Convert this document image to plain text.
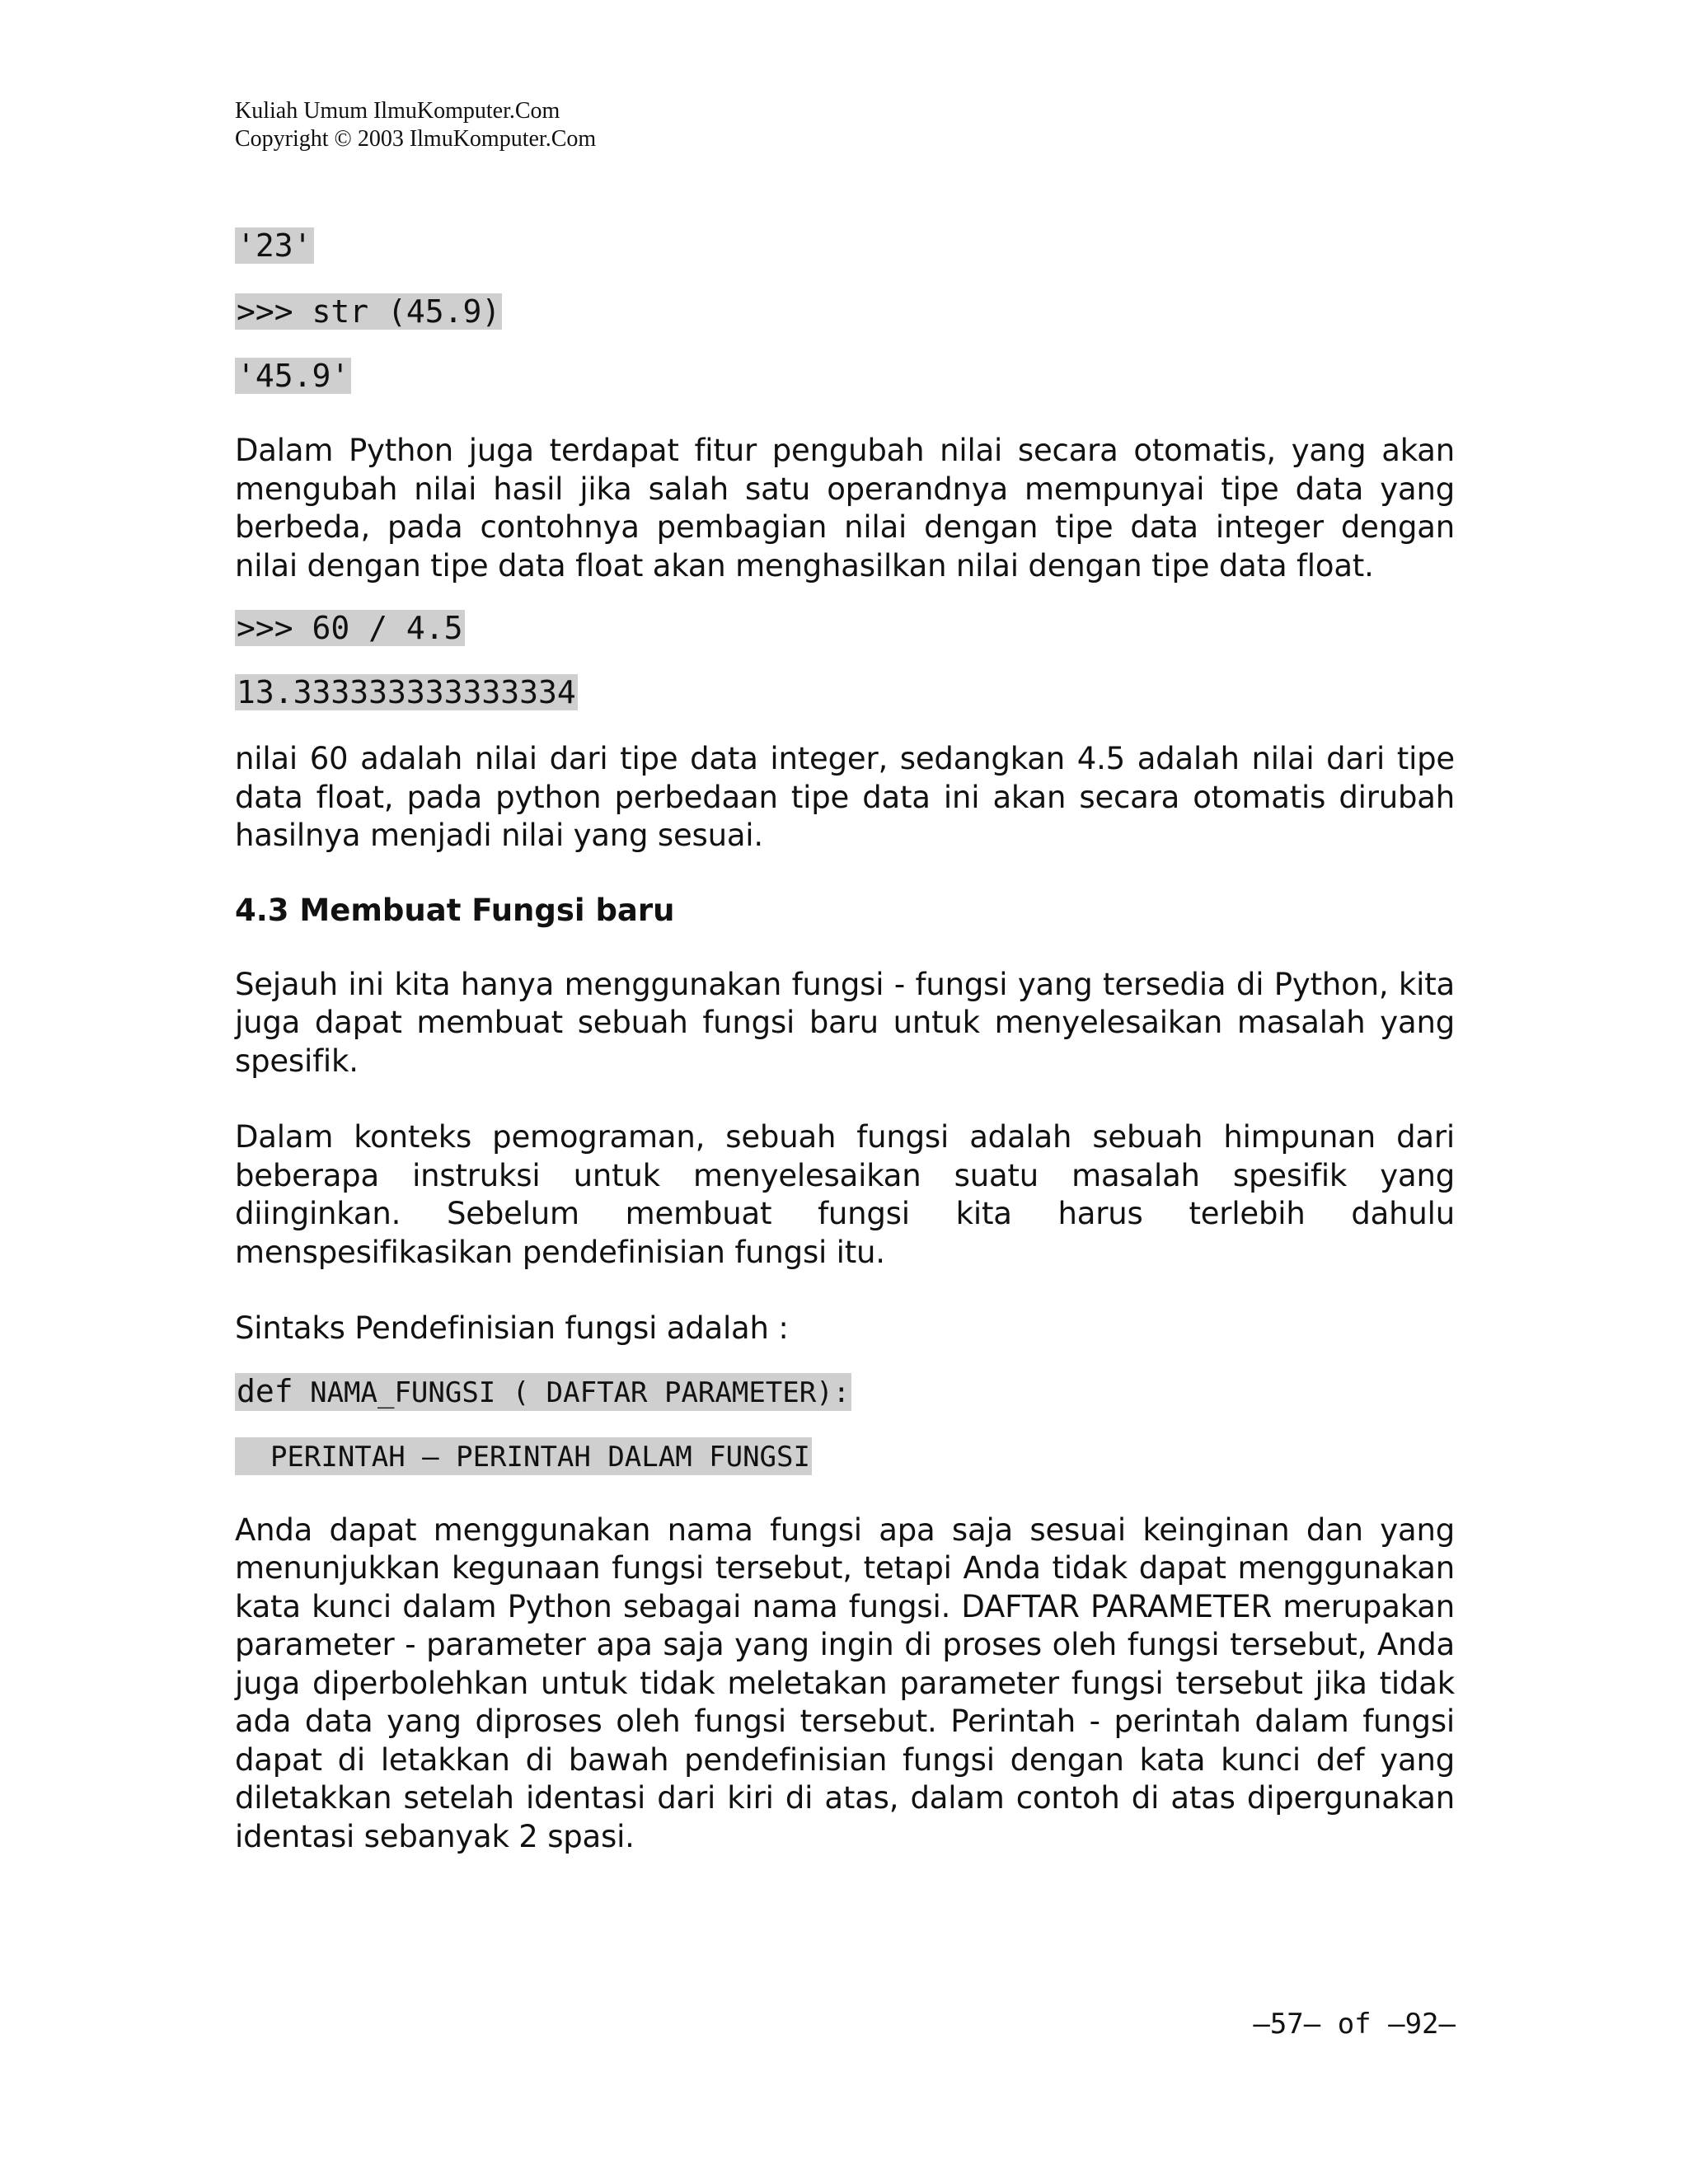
Kuliah Umum IlmuKomputer.Com
Copyright © 2003 IlmuKomputer.Com
'23'
>>> str (45.9)
'45.9'

Dalam Python juga terdapat fitur pengubah nilai secara otomatis, yang akan mengubah nilai hasil jika salah satu operandnya mempunyai tipe data yang berbeda, pada contohnya pembagian nilai dengan tipe data integer dengan nilai dengan tipe data float akan menghasilkan nilai dengan tipe data float.

>>> 60 / 4.5
13.333333333333334

nilai 60 adalah nilai dari tipe data integer, sedangkan 4.5 adalah nilai dari tipe data float, pada python perbedaan tipe data ini akan secara otomatis dirubah hasilnya menjadi nilai yang sesuai.

4.3 Membuat Fungsi baru

Sejauh ini kita hanya menggunakan fungsi - fungsi yang tersedia di Python, kita juga dapat membuat sebuah fungsi baru untuk menyelesaikan masalah yang spesifik.

Dalam konteks pemograman, sebuah fungsi adalah sebuah himpunan dari beberapa instruksi untuk menyelesaikan suatu masalah spesifik yang diinginkan. Sebelum membuat fungsi kita harus terlebih dahulu menspesifikasikan pendefinisian fungsi itu.

Sintaks Pendefinisian fungsi adalah :

def NAMA_FUNGSI ( DAFTAR PARAMETER):
PERINTAH – PERINTAH DALAM FUNGSI

Anda dapat menggunakan nama fungsi apa saja sesuai keinginan dan yang menunjukkan kegunaan fungsi tersebut, tetapi Anda tidak dapat menggunakan kata kunci dalam Python sebagai nama fungsi. DAFTAR PARAMETER merupakan parameter - parameter apa saja yang ingin di proses oleh fungsi tersebut, Anda juga diperbolehkan untuk tidak meletakan parameter fungsi tersebut jika tidak ada data yang diproses oleh fungsi tersebut. Perintah - perintah dalam fungsi dapat di letakkan di bawah pendefinisian fungsi dengan kata kunci def yang diletakkan setelah identasi dari kiri di atas, dalam contoh di atas dipergunakan identasi sebanyak 2 spasi.

–57– of –92–
